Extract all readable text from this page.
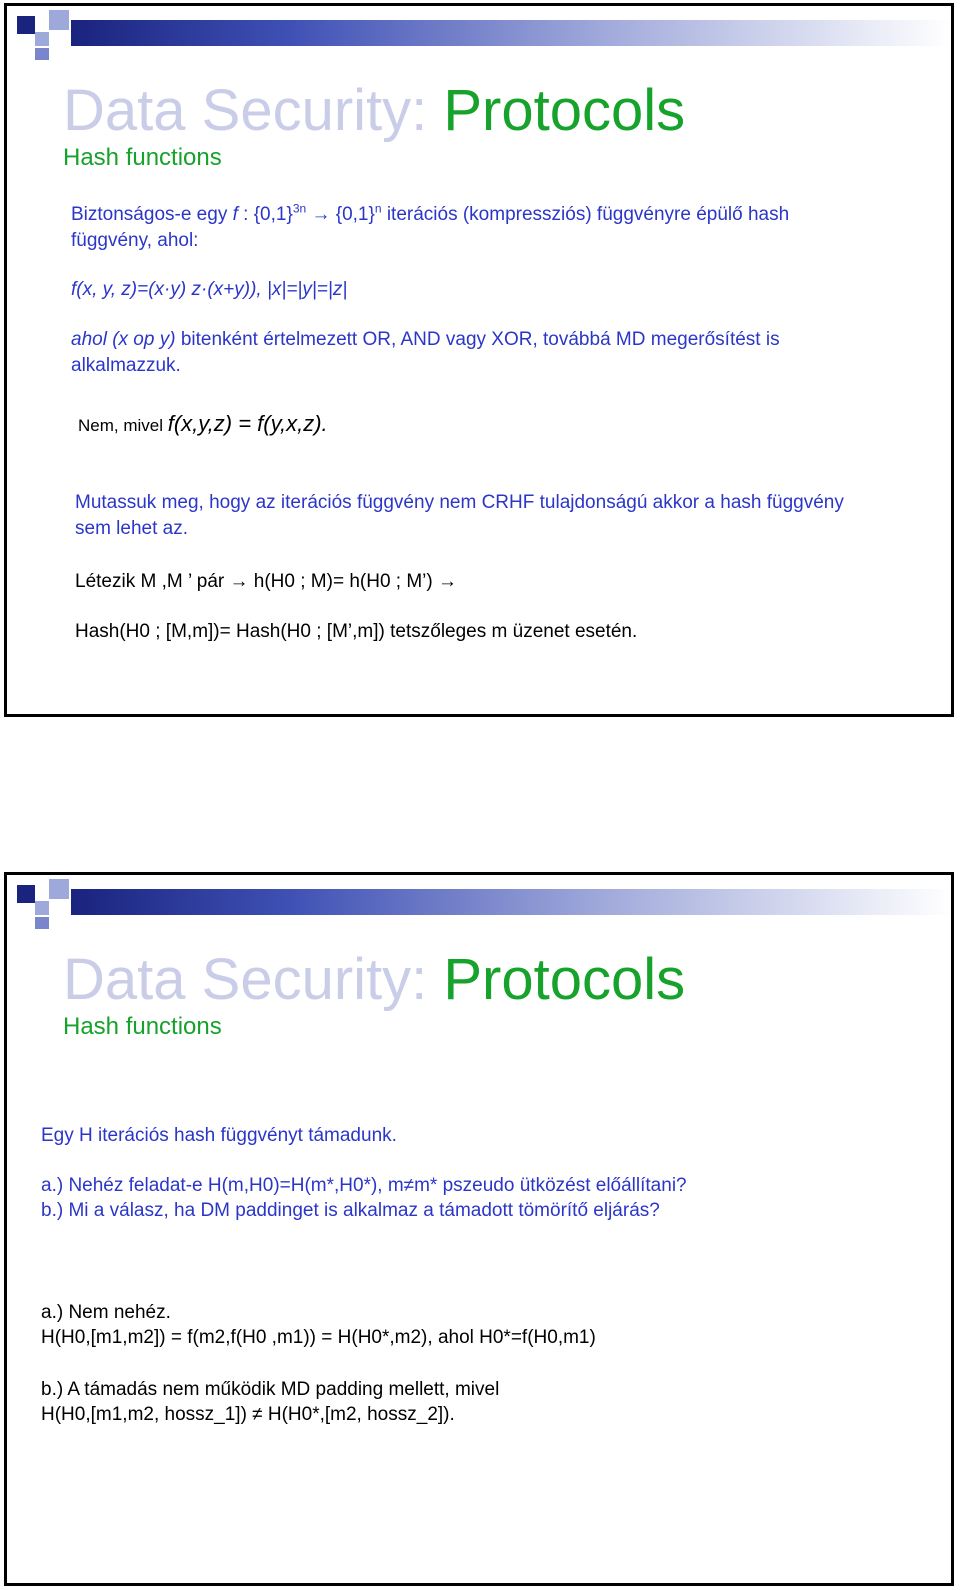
Data Security: Protocols
Hash functions

Biztonságos-e egy f : $\{0,1\}^{3n} \to \{0,1\}^n$ iterációs (kompressziós) függvényre épülő hash

függvény, ahol:

f(x, y, z)=(x·y) z·(x+y)), |x|=|y|=|z|

ahol (x op y) bitenként értelmezett OR, AND vagy XOR, továbbá MD megerősítést is

alkalmazzuk.

Nem, mivel f(x,y,z) = f(y,x,z).

Mutassuk meg, hogy az iterációs függvény nem CRHF tulajdonságú akkor a hash függvény

sem lehet az.

Létezik M ,M ’ pár → h(H0 ; M)= h(H0 ; M’) →

Hash(H0 ; [M,m])= Hash(H0 ; [M’,m]) tetszőleges m üzenet esetén.

Data Security: Protocols
Hash functions

Egy H iterációs hash függvényt támadunk.

a.) Nehéz feladat-e H(m,H0)=H(m*,H0*), m≠m* pszeudo ütközést előállítani?

b.) Mi a válasz, ha DM paddinget is alkalmaz a támadott tömörítő eljárás?

a.) Nem nehéz.

H(H0,[m1,m2]) = f(m2,f(H0 ,m1)) = H(H0*,m2), ahol H0*=f(H0,m1)

b.) A támadás nem működik MD padding mellett, mivel

H(H0,[m1,m2, hossz_1]) ≠ H(H0*,[m2, hossz_2]).
